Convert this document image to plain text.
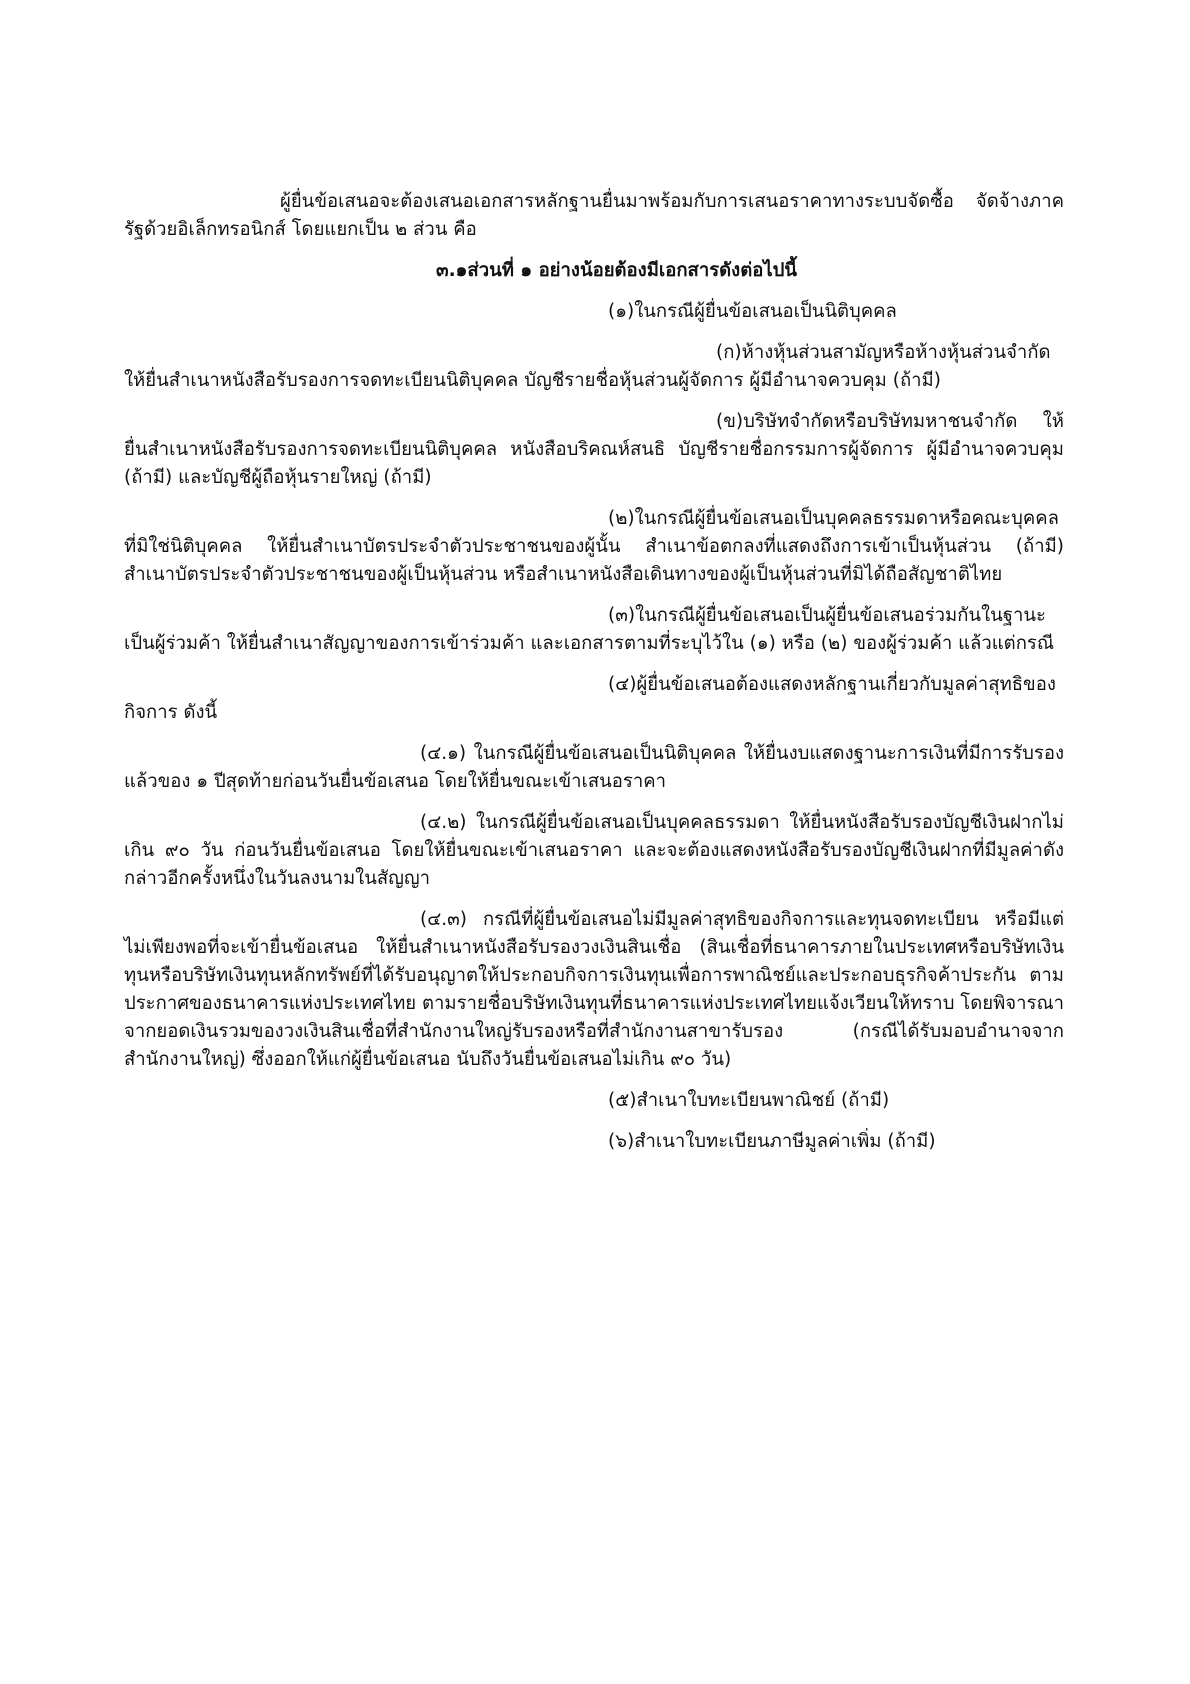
ผู้ยื่นข้อเสนอจะต้องเสนอเอกสารหลักฐานยื่นมาพร้อมกับการเสนอราคาทางระบบจัดซื้อ จัดจ้างภาครัฐด้วยอิเล็กทรอนิกส์ โดยแยกเป็น ๒ ส่วน คือ

๓.๑ส่วนที่ ๑ อย่างน้อยต้องมีเอกสารดังต่อไปนี้

(๑)ในกรณีผู้ยื่นข้อเสนอเป็นนิติบุคคล

(ก)ห้างหุ้นส่วนสามัญหรือห้างหุ้นส่วนจำกัด ให้ยื่นสำเนาหนังสือรับรองการจดทะเบียนนิติบุคคล บัญชีรายชื่อหุ้นส่วนผู้จัดการ ผู้มีอำนาจควบคุม (ถ้ามี)

(ข)บริษัทจำกัดหรือบริษัทมหาชนจำกัด ให้ยื่นสำเนาหนังสือรับรองการจดทะเบียนนิติบุคคล หนังสือบริคณห์สนธิ บัญชีรายชื่อกรรมการผู้จัดการ ผู้มีอำนาจควบคุม (ถ้ามี) และบัญชีผู้ถือหุ้นรายใหญ่ (ถ้ามี)

(๒)ในกรณีผู้ยื่นข้อเสนอเป็นบุคคลธรรมดาหรือคณะบุคคลที่มิใช่นิติบุคคล ให้ยื่นสำเนาบัตรประจำตัวประชาชนของผู้นั้น สำเนาข้อตกลงที่แสดงถึงการเข้าเป็นหุ้นส่วน (ถ้ามี) สำเนาบัตรประจำตัวประชาชนของผู้เป็นหุ้นส่วน หรือสำเนาหนังสือเดินทางของผู้เป็นหุ้นส่วนที่มิได้ถือสัญชาติไทย

(๓)ในกรณีผู้ยื่นข้อเสนอเป็นผู้ยื่นข้อเสนอร่วมกันในฐานะเป็นผู้ร่วมค้า ให้ยื่นสำเนาสัญญาของการเข้าร่วมค้า และเอกสารตามที่ระบุไว้ใน (๑) หรือ (๒) ของผู้ร่วมค้า แล้วแต่กรณี

(๔)ผู้ยื่นข้อเสนอต้องแสดงหลักฐานเกี่ยวกับมูลค่าสุทธิของกิจการ ดังนี้

(๔.๑) ในกรณีผู้ยื่นข้อเสนอเป็นนิติบุคคล ให้ยื่นงบแสดงฐานะการเงินที่มีการรับรองแล้วของ ๑ ปีสุดท้ายก่อนวันยื่นข้อเสนอ โดยให้ยื่นขณะเข้าเสนอราคา

(๔.๒) ในกรณีผู้ยื่นข้อเสนอเป็นบุคคลธรรมดา ให้ยื่นหนังสือรับรองบัญชีเงินฝากไม่เกิน ๙๐ วัน ก่อนวันยื่นข้อเสนอ โดยให้ยื่นขณะเข้าเสนอราคา และจะต้องแสดงหนังสือรับรองบัญชีเงินฝากที่มีมูลค่าดังกล่าวอีกครั้งหนึ่งในวันลงนามในสัญญา

(๔.๓) กรณีที่ผู้ยื่นข้อเสนอไม่มีมูลค่าสุทธิของกิจการและทุนจดทะเบียน หรือมีแต่ไม่เพียงพอที่จะเข้ายื่นข้อเสนอ ให้ยื่นสำเนาหนังสือรับรองวงเงินสินเชื่อ (สินเชื่อที่ธนาคารภายในประเทศหรือบริษัทเงินทุนหรือบริษัทเงินทุนหลักทรัพย์ที่ได้รับอนุญาตให้ประกอบกิจการเงินทุนเพื่อการพาณิชย์และประกอบธุรกิจค้าประกัน ตามประกาศของธนาคารแห่งประเทศไทย ตามรายชื่อบริษัทเงินทุนที่ธนาคารแห่งประเทศไทยแจ้งเวียนให้ทราบ โดยพิจารณาจากยอดเงินรวมของวงเงินสินเชื่อที่สำนักงานใหญ่รับรองหรือที่สำนักงานสาขารับรอง (กรณีได้รับมอบอำนาจจากสำนักงานใหญ่) ซึ่งออกให้แก่ผู้ยื่นข้อเสนอ นับถึงวันยื่นข้อเสนอไม่เกิน ๙๐ วัน)

(๕)สำเนาใบทะเบียนพาณิชย์ (ถ้ามี)

(๖)สำเนาใบทะเบียนภาษีมูลค่าเพิ่ม (ถ้ามี)
